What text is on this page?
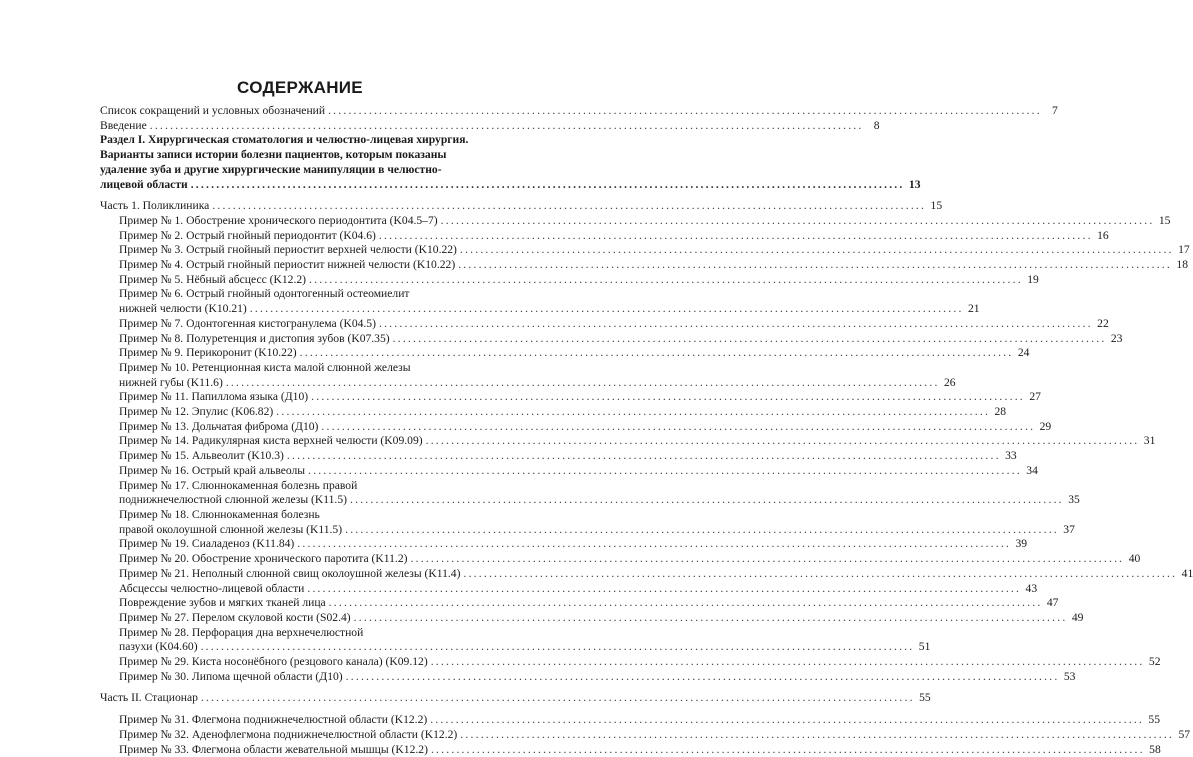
СОДЕРЖАНИЕ
Список сокращений и условных обозначений ............................................................................................................................................ 7
Введение ............................................................................................................................................ 8
Раздел I. Хирургическая стоматология и челюстно-лицевая хирургия.
Варианты записи истории болезни пациентов, которым показаны
удаление зуба и другие хирургические манипуляции в челюстно-
лицевой области ............................................................................................................................................ 13
Часть 1. Поликлиника ............................................................................................................................................ 15
Пример № 1. Обострение хронического периодонтита (K04.5–7) ............................................................................................................................................ 15
Пример № 2. Острый гнойный периодонтит (K04.6) ............................................................................................................................................ 16
Пример № 3. Острый гнойный периостит верхней челюсти (K10.22) ............................................................................................................................................ 17
Пример № 4. Острый гнойный периостит нижней челюсти (K10.22) ............................................................................................................................................ 18
Пример № 5. Нёбный абсцесс (K12.2) ............................................................................................................................................ 19
Пример № 6. Острый гнойный одонтогенный остеомиелит
нижней челюсти (K10.21) ............................................................................................................................................ 21
Пример № 7. Одонтогенная кистогранулема (K04.5) ............................................................................................................................................ 22
Пример № 8. Полуретенция и дистопия зубов (K07.35) ............................................................................................................................................ 23
Пример № 9. Перикоронит (K10.22) ............................................................................................................................................ 24
Пример № 10. Ретенционная киста малой слюнной железы
нижней губы (K11.6) ............................................................................................................................................ 26
Пример № 11. Папиллома языка (Д10) ............................................................................................................................................ 27
Пример № 12. Эпулис (K06.82) ............................................................................................................................................ 28
Пример № 13. Дольчатая фиброма (Д10) ............................................................................................................................................ 29
Пример № 14. Радикулярная киста верхней челюсти (K09.09) ............................................................................................................................................ 31
Пример № 15. Альвеолит (K10.3) ............................................................................................................................................ 33
Пример № 16. Острый край альвеолы ............................................................................................................................................ 34
Пример № 17. Слюннокаменная болезнь правой
поднижнечелюстной слюнной железы (K11.5) ............................................................................................................................................ 35
Пример № 18. Слюннокаменная болезнь
правой околоушной слюнной железы (K11.5) ............................................................................................................................................ 37
Пример № 19. Сиаладеноз (K11.84) ............................................................................................................................................ 39
Пример № 20. Обострение хронического паротита (K11.2) ............................................................................................................................................ 40
Пример № 21. Неполный слюнной свищ околоушной железы (K11.4) ............................................................................................................................................ 41
Абсцессы челюстно-лицевой области ............................................................................................................................................ 43
Повреждение зубов и мягких тканей лица ............................................................................................................................................ 47
Пример № 27. Перелом скуловой кости (S02.4) ............................................................................................................................................ 49
Пример № 28. Перфорация дна верхнечелюстной
пазухи (K04.60) ............................................................................................................................................ 51
Пример № 29. Киста носонёбного (резцового канала) (K09.12) ............................................................................................................................................ 52
Пример № 30. Липома щечной области (Д10) ............................................................................................................................................ 53
Часть II. Стационар ............................................................................................................................................ 55
Пример № 31. Флегмона поднижнечелюстной области (K12.2) ............................................................................................................................................ 55
Пример № 32. Аденофлегмона поднижнечелюстной области (K12.2) ............................................................................................................................................ 57
Пример № 33. Флегмона области жевательной мышцы (K12.2) ............................................................................................................................................ 58
